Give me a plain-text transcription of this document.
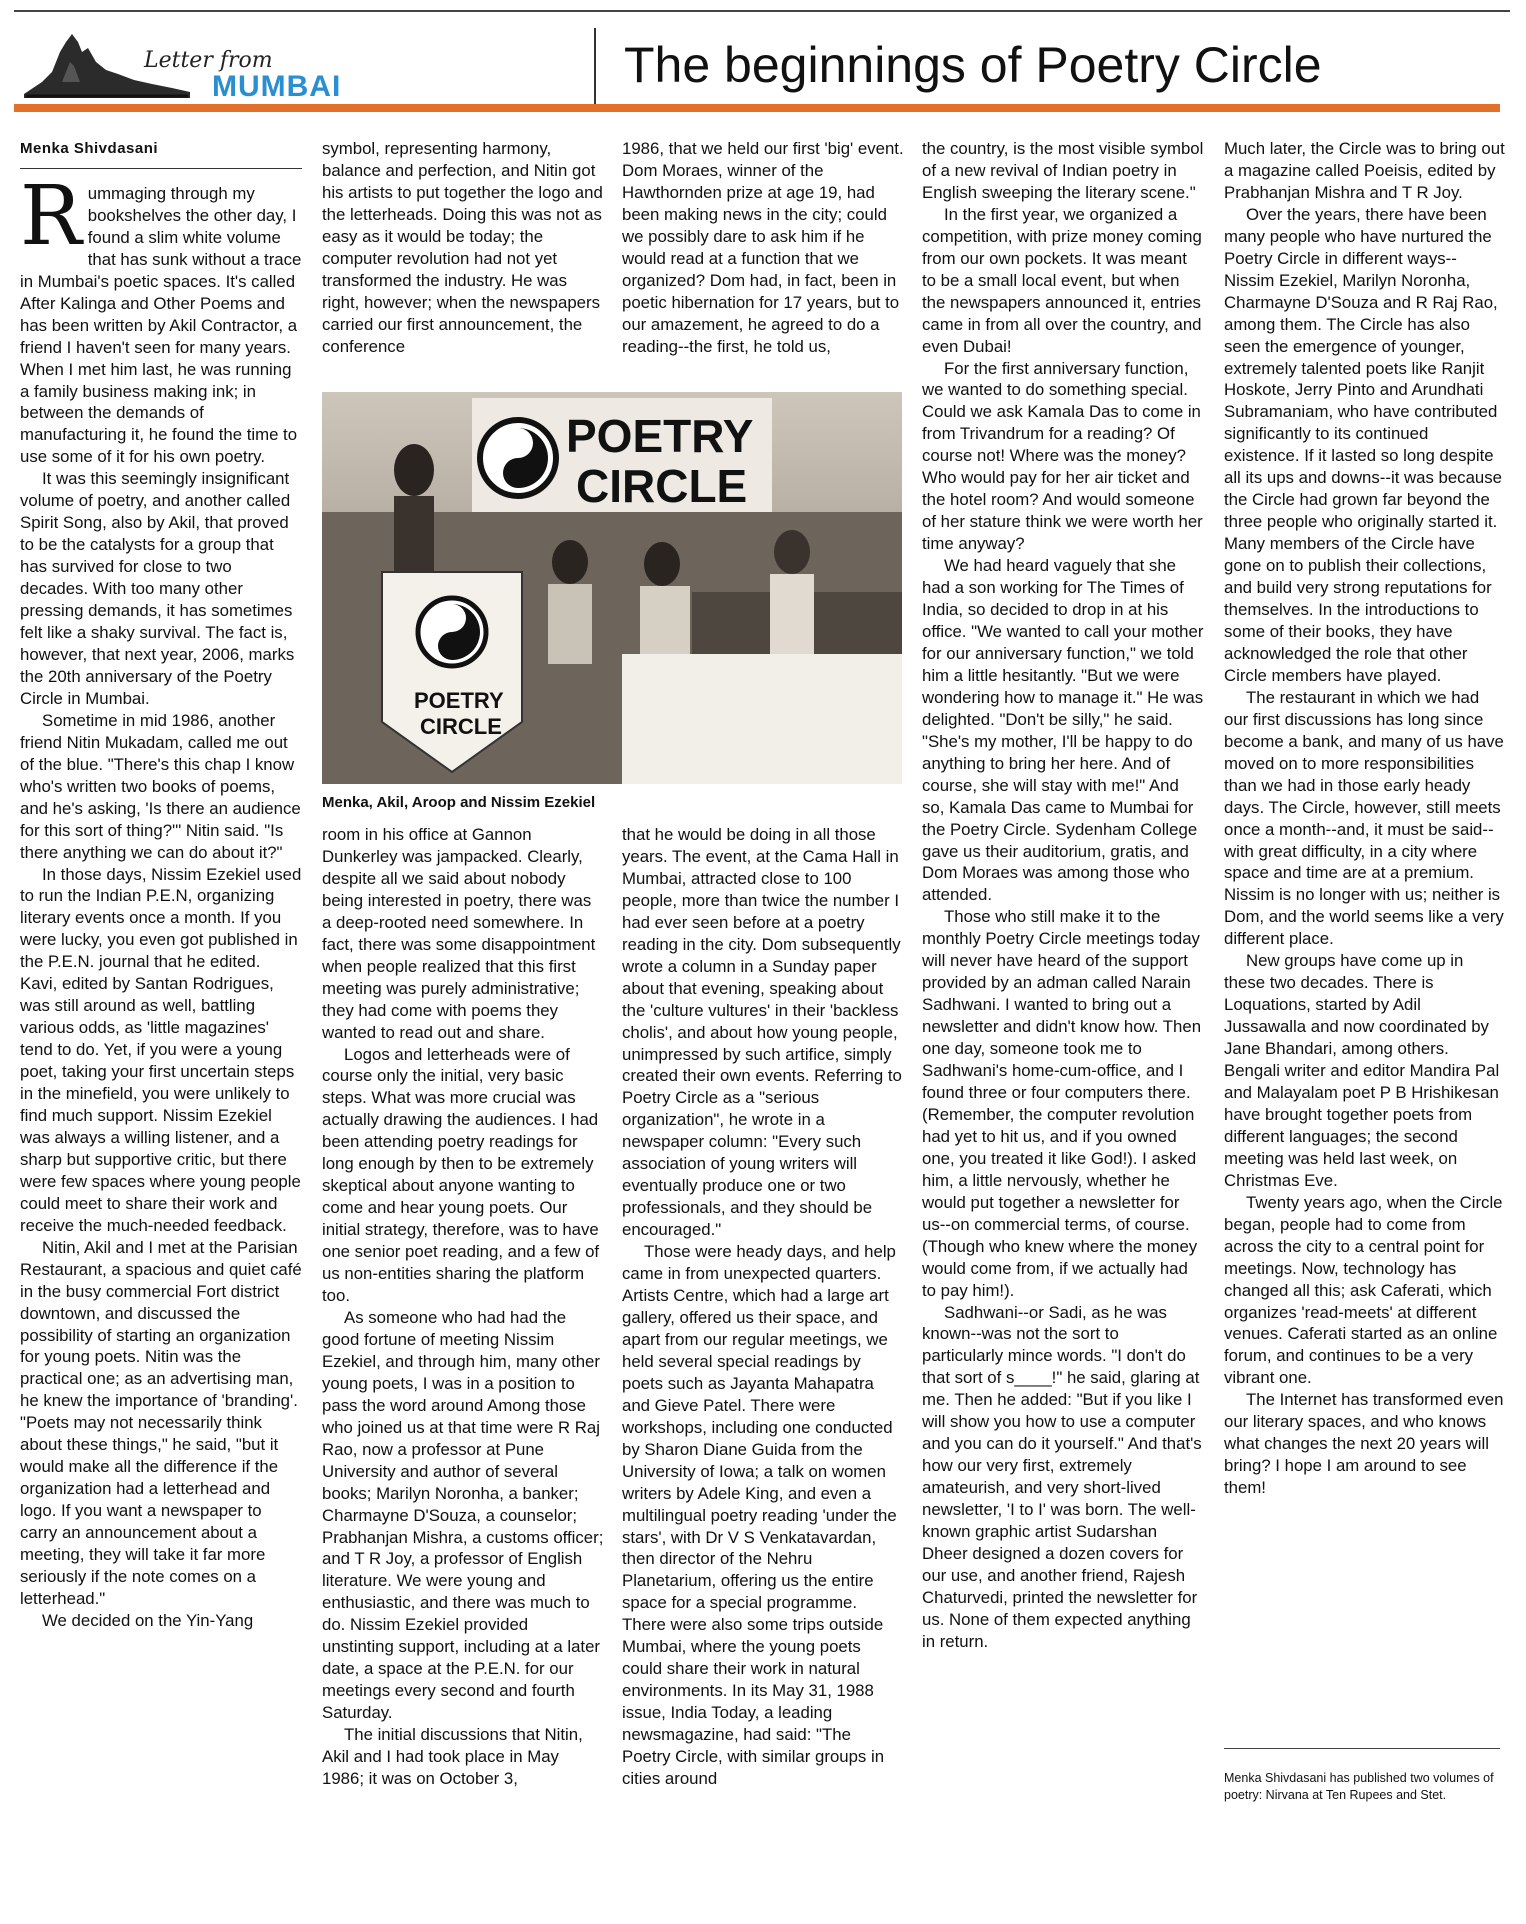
Letter from
MUMBAI	The beginnings of Poetry Circle
Menka Shivdasani

Rummaging through my bookshelves the other day, I found a slim white volume that has sunk without a trace in Mumbai's poetic spaces. It's called After Kalinga and Other Poems and has been written by Akil Contractor, a friend I haven't seen for many years. When I met him last, he was running a family business making ink; in between the demands of manufacturing it, he found the time to use some of it for his own poetry.

It was this seemingly insignificant volume of poetry, and another called Spirit Song, also by Akil, that proved to be the catalysts for a group that has survived for close to two decades. With too many other pressing demands, it has sometimes felt like a shaky survival. The fact is, however, that next year, 2006, marks the 20th anniversary of the Poetry Circle in Mumbai.

Sometime in mid 1986, another friend Nitin Mukadam, called me out of the blue. "There's this chap I know who's written two books of poems, and he's asking, 'Is there an audience for this sort of thing?'" Nitin said. "Is there anything we can do about it?"

In those days, Nissim Ezekiel used to run the Indian P.E.N, organizing literary events once a month. If you were lucky, you even got published in the P.E.N. journal that he edited. Kavi, edited by Santan Rodrigues, was still around as well, battling various odds, as 'little magazines' tend to do. Yet, if you were a young poet, taking your first uncertain steps in the minefield, you were unlikely to find much support. Nissim Ezekiel was always a willing listener, and a sharp but supportive critic, but there were few spaces where young people could meet to share their work and receive the much-needed feedback.

Nitin, Akil and I met at the Parisian Restaurant, a spacious and quiet café in the busy commercial Fort district downtown, and discussed the possibility of starting an organization for young poets. Nitin was the practical one; as an advertising man, he knew the importance of 'branding'. "Poets may not necessarily think about these things," he said, "but it would make all the difference if the organization had a letterhead and logo. If you want a newspaper to carry an announcement about a meeting, they will take it far more seriously if the note comes on a letterhead."

We decided on the Yin-Yang

symbol, representing harmony, balance and perfection, and Nitin got his artists to put together the logo and the letterheads. Doing this was not as easy as it would be today; the computer revolution had not yet transformed the industry. He was right, however; when the newspapers carried our first announcement, the conference

1986, that we held our first 'big' event. Dom Moraes, winner of the Hawthornden prize at age 19, had been making news in the city; could we possibly dare to ask him if he would read at a function that we organized? Dom had, in fact, been in poetic hibernation for 17 years, but to our amazement, he agreed to do a reading--the first, he told us,

POETRY
CIRCLE
POETRY
CIRCLE
Menka, Akil, Aroop and Nissim Ezekiel

room in his office at Gannon Dunkerley was jampacked. Clearly, despite all we said about nobody being interested in poetry, there was a deep-rooted need somewhere. In fact, there was some disappointment when people realized that this first meeting was purely administrative; they had come with poems they wanted to read out and share.

Logos and letterheads were of course only the initial, very basic steps. What was more crucial was actually drawing the audiences. I had been attending poetry readings for long enough by then to be extremely skeptical about anyone wanting to come and hear young poets. Our initial strategy, therefore, was to have one senior poet reading, and a few of us non-entities sharing the platform too.

As someone who had had the good fortune of meeting Nissim Ezekiel, and through him, many other young poets, I was in a position to pass the word around Among those who joined us at that time were R Raj Rao, now a professor at Pune University and author of several books; Marilyn Noronha, a banker; Charmayne D'Souza, a counselor; Prabhanjan Mishra, a customs officer; and T R Joy, a professor of English literature. We were young and enthusiastic, and there was much to do. Nissim Ezekiel provided unstinting support, including at a later date, a space at the P.E.N. for our meetings every second and fourth Saturday.

The initial discussions that Nitin, Akil and I had took place in May 1986; it was on October 3,

that he would be doing in all those years. The event, at the Cama Hall in Mumbai, attracted close to 100 people, more than twice the number I had ever seen before at a poetry reading in the city. Dom subsequently wrote a column in a Sunday paper about that evening, speaking about the 'culture vultures' in their 'backless cholis', and about how young people, unimpressed by such artifice, simply created their own events. Referring to Poetry Circle as a "serious organization", he wrote in a newspaper column: "Every such association of young writers will eventually produce one or two professionals, and they should be encouraged."

Those were heady days, and help came in from unexpected quarters. Artists Centre, which had a large art gallery, offered us their space, and apart from our regular meetings, we held several special readings by poets such as Jayanta Mahapatra and Gieve Patel. There were workshops, including one conducted by Sharon Diane Guida from the University of Iowa; a talk on women writers by Adele King, and even a multilingual poetry reading 'under the stars', with Dr V S Venkatavardan, then director of the Nehru Planetarium, offering us the entire space for a special programme. There were also some trips outside Mumbai, where the young poets could share their work in natural environments. In its May 31, 1988 issue, India Today, a leading newsmagazine, had said: "The Poetry Circle, with similar groups in cities around

the country, is the most visible symbol of a new revival of Indian poetry in English sweeping the literary scene."

In the first year, we organized a competition, with prize money coming from our own pockets. It was meant to be a small local event, but when the newspapers announced it, entries came in from all over the country, and even Dubai!

For the first anniversary function, we wanted to do something special. Could we ask Kamala Das to come in from Trivandrum for a reading? Of course not! Where was the money? Who would pay for her air ticket and the hotel room? And would someone of her stature think we were worth her time anyway?

We had heard vaguely that she had a son working for The Times of India, so decided to drop in at his office. "We wanted to call your mother for our anniversary function," we told him a little hesitantly. "But we were wondering how to manage it." He was delighted. "Don't be silly," he said. "She's my mother, I'll be happy to do anything to bring her here. And of course, she will stay with me!" And so, Kamala Das came to Mumbai for the Poetry Circle. Sydenham College gave us their auditorium, gratis, and Dom Moraes was among those who attended.

Those who still make it to the monthly Poetry Circle meetings today will never have heard of the support provided by an adman called Narain Sadhwani. I wanted to bring out a newsletter and didn't know how. Then one day, someone took me to Sadhwani's home-cum-office, and I found three or four computers there. (Remember, the computer revolution had yet to hit us, and if you owned one, you treated it like God!). I asked him, a little nervously, whether he would put together a newsletter for us--on commercial terms, of course. (Though who knew where the money would come from, if we actually had to pay him!).

Sadhwani--or Sadi, as he was known--was not the sort to particularly mince words. "I don't do that sort of s____!" he said, glaring at me. Then he added: "But if you like I will show you how to use a computer and you can do it yourself." And that's how our very first, extremely amateurish, and very short-lived newsletter, 'I to I' was born. The well-known graphic artist Sudarshan Dheer designed a dozen covers for our use, and another friend, Rajesh Chaturvedi, printed the newsletter for us. None of them expected anything in return.

Much later, the Circle was to bring out a magazine called Poeisis, edited by Prabhanjan Mishra and T R Joy.

Over the years, there have been many people who have nurtured the Poetry Circle in different ways--Nissim Ezekiel, Marilyn Noronha, Charmayne D'Souza and R Raj Rao, among them. The Circle has also seen the emergence of younger, extremely talented poets like Ranjit Hoskote, Jerry Pinto and Arundhati Subramaniam, who have contributed significantly to its continued existence. If it lasted so long despite all its ups and downs--it was because the Circle had grown far beyond the three people who originally started it. Many members of the Circle have gone on to publish their collections, and build very strong reputations for themselves. In the introductions to some of their books, they have acknowledged the role that other Circle members have played.

The restaurant in which we had our first discussions has long since become a bank, and many of us have moved on to more responsibilities than we had in those early heady days. The Circle, however, still meets once a month--and, it must be said--with great difficulty, in a city where space and time are at a premium. Nissim is no longer with us; neither is Dom, and the world seems like a very different place.

New groups have come up in these two decades. There is Loquations, started by Adil Jussawalla and now coordinated by Jane Bhandari, among others. Bengali writer and editor Mandira Pal and Malayalam poet P B Hrishikesan have brought together poets from different languages; the second meeting was held last week, on Christmas Eve.

Twenty years ago, when the Circle began, people had to come from across the city to a central point for meetings. Now, technology has changed all this; ask Caferati, which organizes 'read-meets' at different venues. Caferati started as an online forum, and continues to be a very vibrant one.

The Internet has transformed even our literary spaces, and who knows what changes the next 20 years will bring? I hope I am around to see them!

Menka Shivdasani has published two volumes of poetry: Nirvana at Ten Rupees and Stet.
